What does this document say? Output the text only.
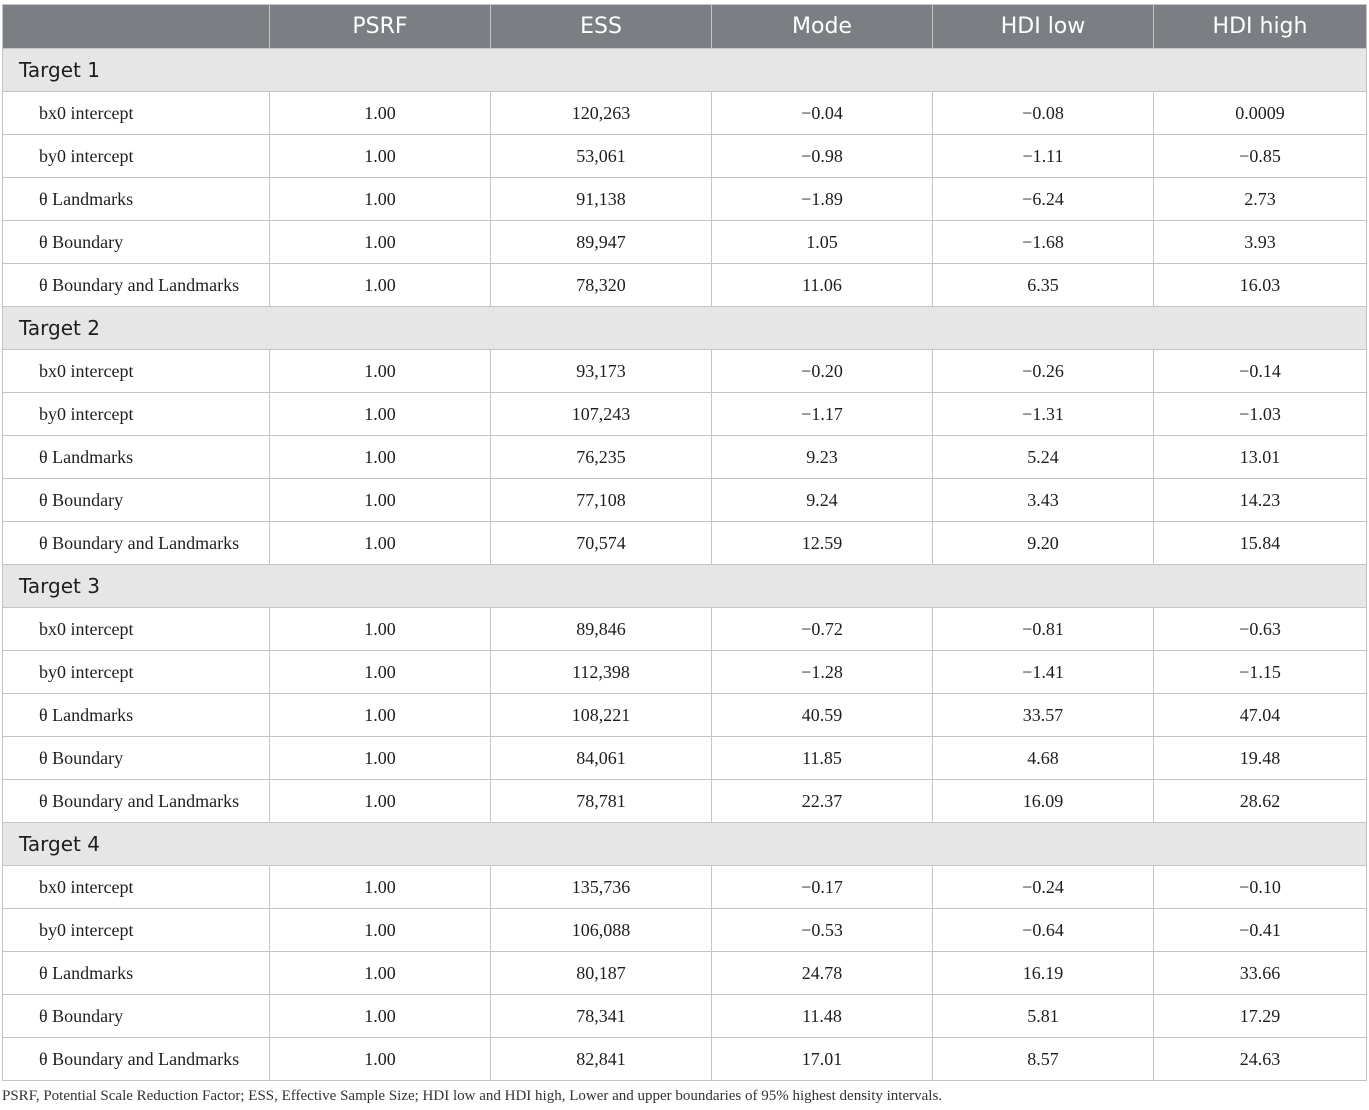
	PSRF	ESS	Mode	HDI low	HDI high
Target 1					
bx0 intercept	1.00	120,263	−0.04	−0.08	0.0009
by0 intercept	1.00	53,061	−0.98	−1.11	−0.85
θ Landmarks	1.00	91,138	−1.89	−6.24	2.73
θ Boundary	1.00	89,947	1.05	−1.68	3.93
θ Boundary and Landmarks	1.00	78,320	11.06	6.35	16.03
Target 2					
bx0 intercept	1.00	93,173	−0.20	−0.26	−0.14
by0 intercept	1.00	107,243	−1.17	−1.31	−1.03
θ Landmarks	1.00	76,235	9.23	5.24	13.01
θ Boundary	1.00	77,108	9.24	3.43	14.23
θ Boundary and Landmarks	1.00	70,574	12.59	9.20	15.84
Target 3					
bx0 intercept	1.00	89,846	−0.72	−0.81	−0.63
by0 intercept	1.00	112,398	−1.28	−1.41	−1.15
θ Landmarks	1.00	108,221	40.59	33.57	47.04
θ Boundary	1.00	84,061	11.85	4.68	19.48
θ Boundary and Landmarks	1.00	78,781	22.37	16.09	28.62
Target 4					
bx0 intercept	1.00	135,736	−0.17	−0.24	−0.10
by0 intercept	1.00	106,088	−0.53	−0.64	−0.41
θ Landmarks	1.00	80,187	24.78	16.19	33.66
θ Boundary	1.00	78,341	11.48	5.81	17.29
θ Boundary and Landmarks	1.00	82,841	17.01	8.57	24.63
PSRF, Potential Scale Reduction Factor; ESS, Effective Sample Size; HDI low and HDI high, Lower and upper boundaries of 95% highest density intervals.
